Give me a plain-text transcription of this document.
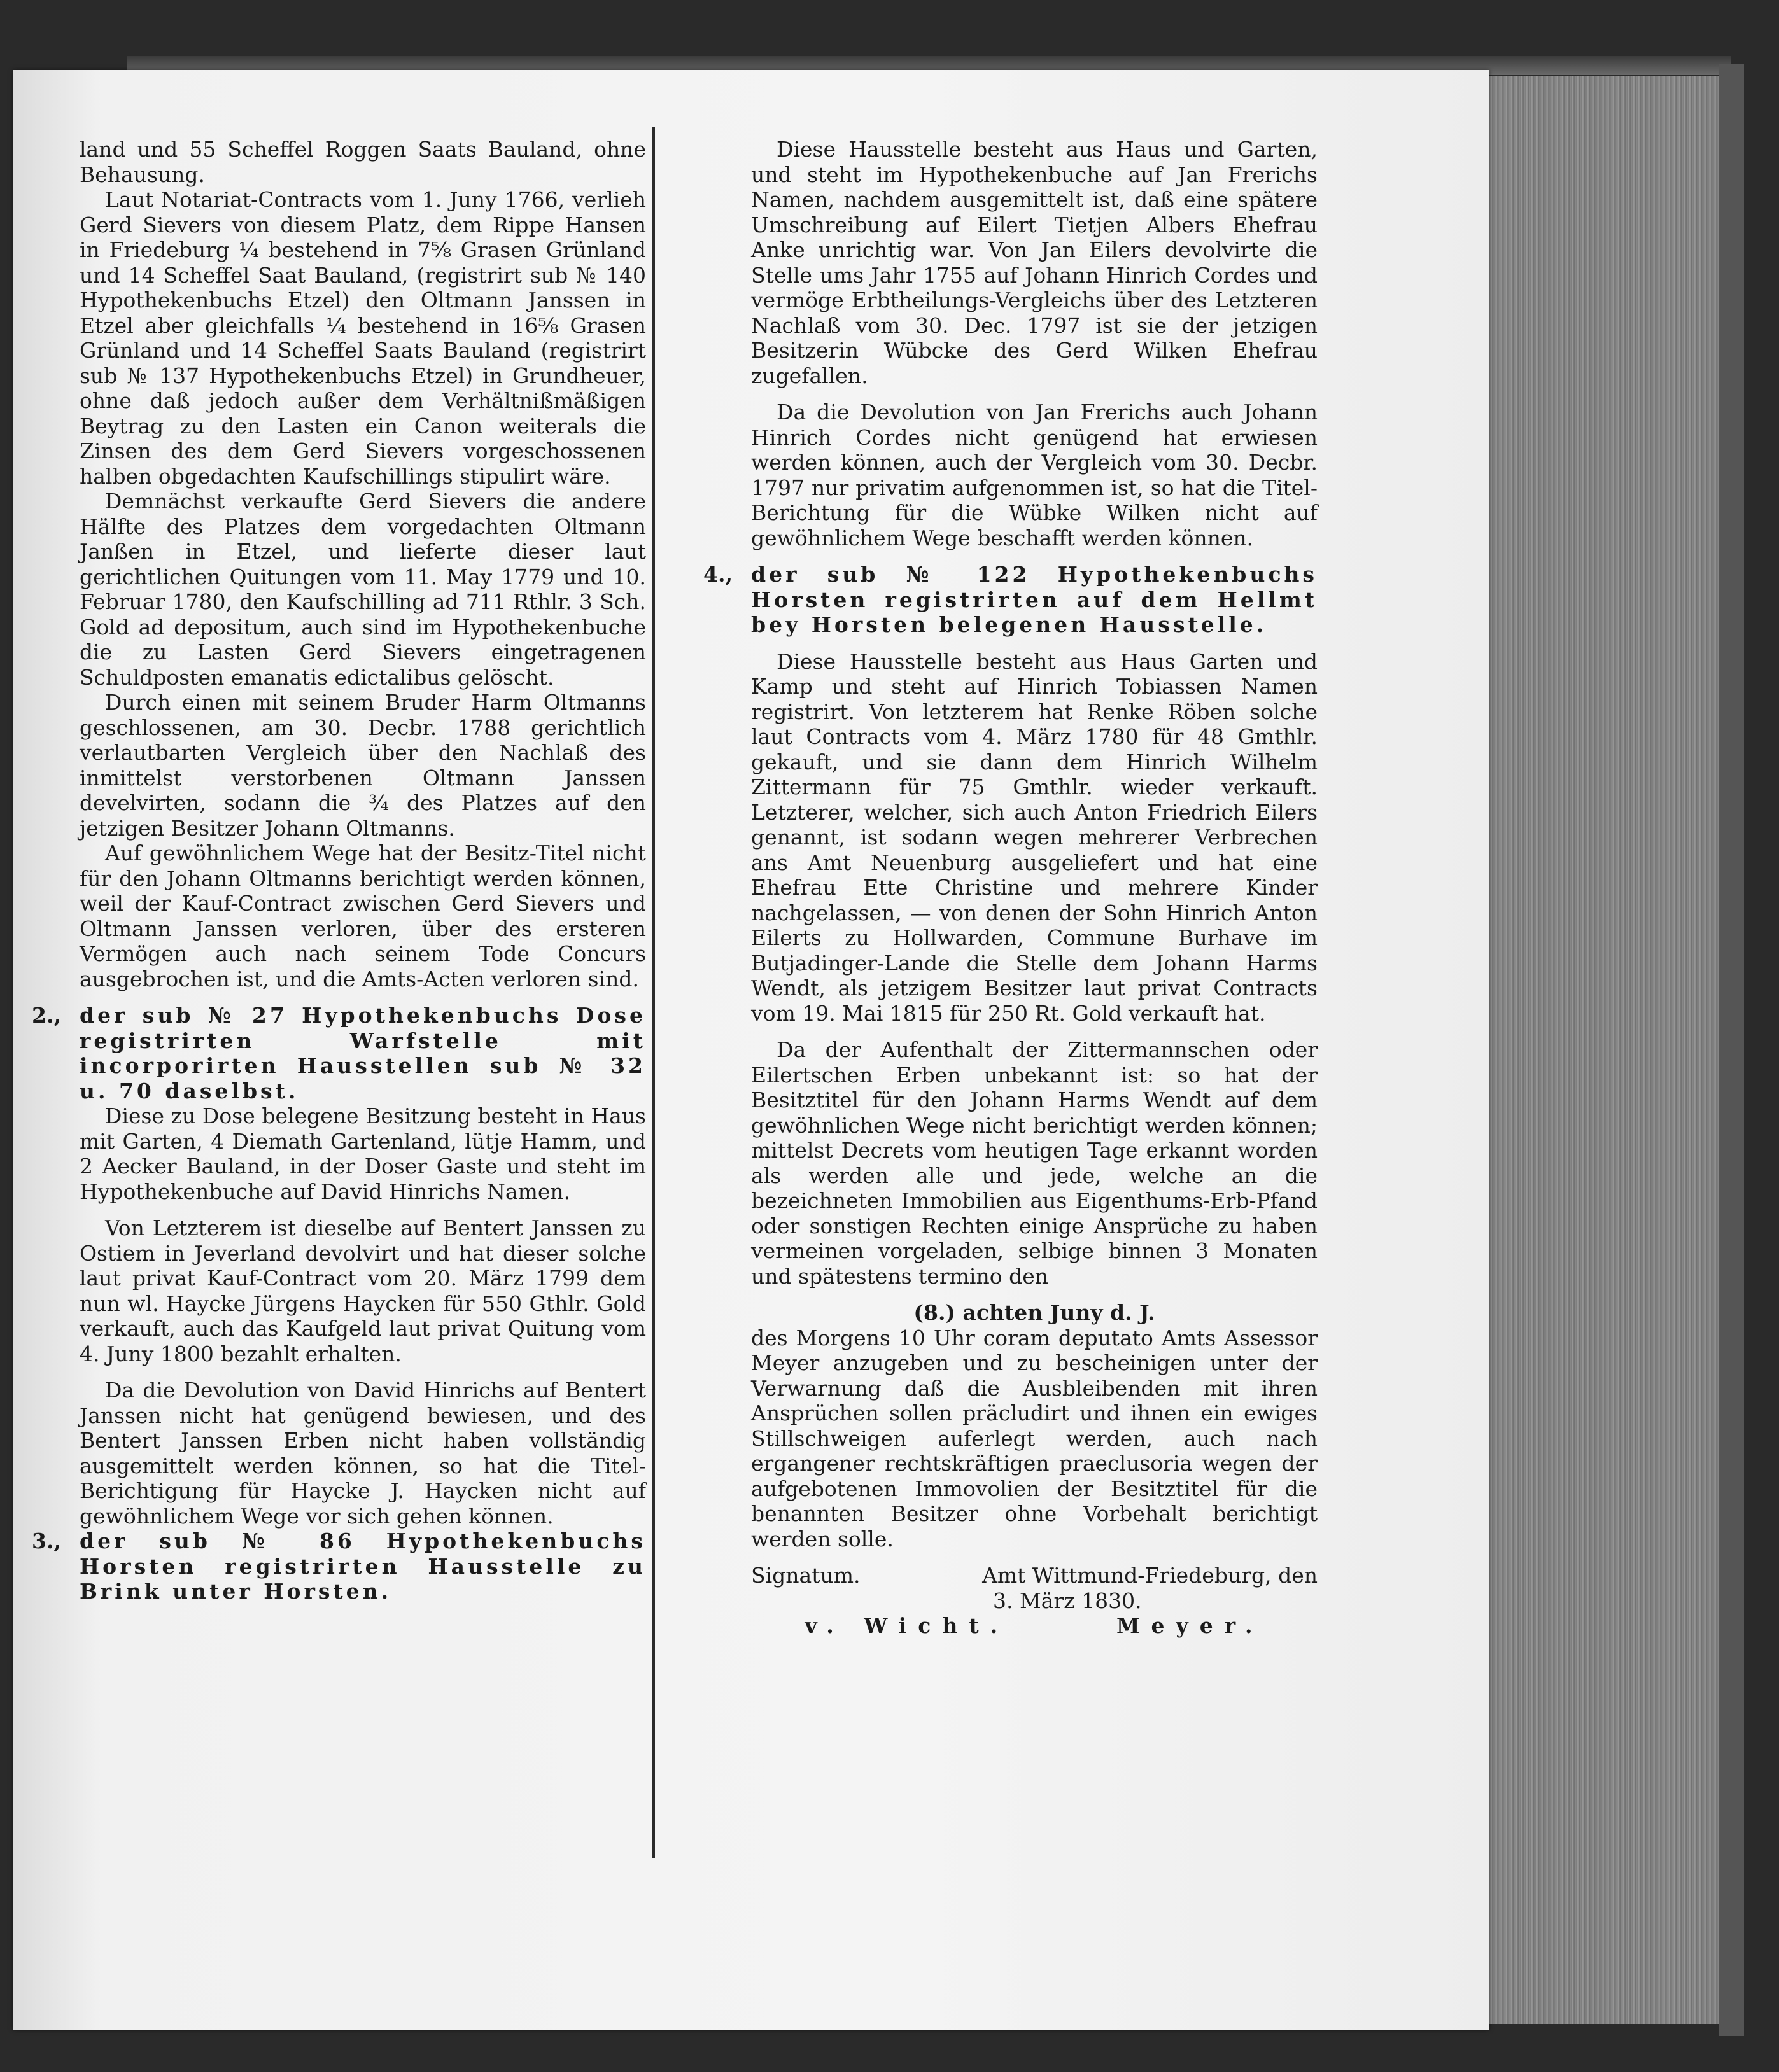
land und 55 Scheffel Roggen Saats Bauland, ohne Behausung.

Laut Notariat-Contracts vom 1. Juny 1766, verlieh Gerd Sievers von diesem Platz, dem Rippe Hansen in Friedeburg ¼ bestehend in 7⅝ Grasen Grünland und 14 Scheffel Saat Bauland, (registrirt sub № 140 Hypothekenbuchs Etzel) den Oltmann Janssen in Etzel aber gleichfalls ¼ bestehend in 16⅝ Grasen Grünland und 14 Scheffel Saats Bauland (registrirt sub № 137 Hypothekenbuchs Etzel) in Grundheuer, ohne daß jedoch außer dem Verhältnißmäßigen Beytrag zu den Lasten ein Canon weiterals die Zinsen des dem Gerd Sievers vorgeschossenen halben obgedachten Kaufschillings stipulirt wäre.

Demnächst verkaufte Gerd Sievers die andere Hälfte des Platzes dem vorgedachten Oltmann Janßen in Etzel, und lieferte dieser laut gerichtlichen Quitungen vom 11. May 1779 und 10. Februar 1780, den Kaufschilling ad 711 Rthlr. 3 Sch. Gold ad depositum, auch sind im Hypothekenbuche die zu Lasten Gerd Sievers eingetragenen Schuldposten emanatis edictalibus gelöscht.

Durch einen mit seinem Bruder Harm Oltmanns geschlossenen, am 30. Decbr. 1788 gerichtlich verlautbarten Vergleich über den Nachlaß des inmittelst verstorbenen Oltmann Janssen develvirten, sodann die ¾ des Platzes auf den jetzigen Besitzer Johann Oltmanns.

Auf gewöhnlichem Wege hat der Besitz-Titel nicht für den Johann Oltmanns berichtigt werden können, weil der Kauf-Contract zwischen Gerd Sievers und Oltmann Janssen verloren, über des ersteren Vermögen auch nach seinem Tode Concurs ausgebrochen ist, und die Amts-Acten verloren sind.

2., der sub № 27 Hypothekenbuchs Dose registrirten Warfstelle mit incorporirten Hausstellen sub № 32 u. 70 daselbst.

Diese zu Dose belegene Besitzung besteht in Haus mit Garten, 4 Diemath Gartenland, lütje Hamm, und 2 Aecker Bauland, in der Doser Gaste und steht im Hypothekenbuche auf David Hinrichs Namen.

Von Letzterem ist dieselbe auf Bentert Janssen zu Ostiem in Jeverland devolvirt und hat dieser solche laut privat Kauf-Contract vom 20. März 1799 dem nun wl. Haycke Jürgens Haycken für 550 Gthlr. Gold verkauft, auch das Kaufgeld laut privat Quitung vom 4. Juny 1800 bezahlt erhalten.

Da die Devolution von David Hinrichs auf Bentert Janssen nicht hat genügend bewiesen, und des Bentert Janssen Erben nicht haben vollständig ausgemittelt werden können, so hat die Titel-Berichtigung für Haycke J. Haycken nicht auf gewöhnlichem Wege vor sich gehen können.

3., der sub № 86 Hypothekenbuchs Horsten registrirten Hausstelle zu Brink unter Horsten.

Diese Hausstelle besteht aus Haus und Garten, und steht im Hypothekenbuche auf Jan Frerichs Namen, nachdem ausgemittelt ist, daß eine spätere Umschreibung auf Eilert Tietjen Albers Ehefrau Anke unrichtig war. Von Jan Eilers devolvirte die Stelle ums Jahr 1755 auf Johann Hinrich Cordes und vermöge Erbtheilungs-Vergleichs über des Letzteren Nachlaß vom 30. Dec. 1797 ist sie der jetzigen Besitzerin Wübcke des Gerd Wilken Ehefrau zugefallen.

Da die Devolution von Jan Frerichs auch Johann Hinrich Cordes nicht genügend hat erwiesen werden können, auch der Vergleich vom 30. Decbr. 1797 nur privatim aufgenommen ist, so hat die Titel-Berichtung für die Wübke Wilken nicht auf gewöhnlichem Wege beschafft werden können.

4., der sub № 122 Hypothekenbuchs Horsten registrirten auf dem Hellmt bey Horsten belegenen Hausstelle.

Diese Hausstelle besteht aus Haus Garten und Kamp und steht auf Hinrich Tobiassen Namen registrirt. Von letzterem hat Renke Röben solche laut Contracts vom 4. März 1780 für 48 Gmthlr. gekauft, und sie dann dem Hinrich Wilhelm Zittermann für 75 Gmthlr. wieder verkauft. Letzterer, welcher, sich auch Anton Friedrich Eilers genannt, ist sodann wegen mehrerer Verbrechen ans Amt Neuenburg ausgeliefert und hat eine Ehefrau Ette Christine und mehrere Kinder nachgelassen, — von denen der Sohn Hinrich Anton Eilerts zu Hollwarden, Commune Burhave im Butjadinger-Lande die Stelle dem Johann Harms Wendt, als jetzigem Besitzer laut privat Contracts vom 19. Mai 1815 für 250 Rt. Gold verkauft hat.

Da der Aufenthalt der Zittermannschen oder Eilertschen Erben unbekannt ist: so hat der Besitztitel für den Johann Harms Wendt auf dem gewöhnlichen Wege nicht berichtigt werden können; mittelst Decrets vom heutigen Tage erkannt worden als werden alle und jede, welche an die bezeichneten Immobilien aus Eigenthums-Erb-Pfand oder sonstigen Rechten einige Ansprüche zu haben vermeinen vorgeladen, selbige binnen 3 Monaten und spätestens termino den

(8.) achten Juny d. J.

des Morgens 10 Uhr coram deputato Amts Assessor Meyer anzugeben und zu bescheinigen unter der Verwarnung daß die Ausbleibenden mit ihren Ansprüchen sollen präcludirt und ihnen ein ewiges Stillschweigen auferlegt werden, auch nach ergangener rechtskräftigen praeclusoria wegen der aufgebotenen Immovolien der Besitztitel für die benannten Besitzer ohne Vorbehalt berichtigt werden solle.

Signatum.	Amt Wittmund-Friedeburg, den
3. März 1830.
v. Wicht.	Meyer.
